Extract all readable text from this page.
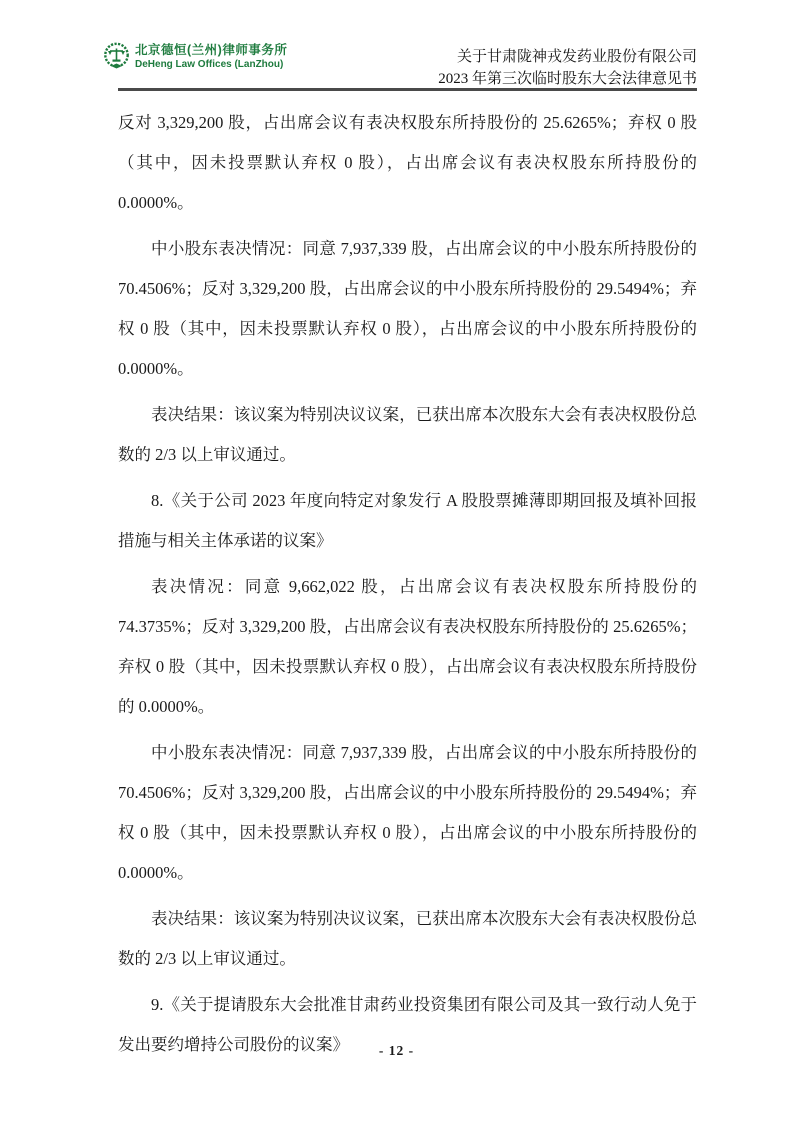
北京德恒(兰州)律师事务所
DeHeng Law Offices (LanZhou)	关于甘肃陇神戎发药业股份有限公司
2023 年第三次临时股东大会法律意见书

反对 3,329,200 股，占出席会议有表决权股东所持股份的 25.6265%；弃权 0 股（其中，因未投票默认弃权 0 股），占出席会议有表决权股东所持股份的 0.0000%。

中小股东表决情况：同意 7,937,339 股，占出席会议的中小股东所持股份的 70.4506%；反对 3,329,200 股，占出席会议的中小股东所持股份的 29.5494%；弃权 0 股（其中，因未投票默认弃权 0 股），占出席会议的中小股东所持股份的 0.0000%。

表决结果：该议案为特别决议议案，已获出席本次股东大会有表决权股份总数的 2/3 以上审议通过。

8.《关于公司 2023 年度向特定对象发行 A 股股票摊薄即期回报及填补回报措施与相关主体承诺的议案》

表决情况：同意 9,662,022 股，占出席会议有表决权股东所持股份的 74.3735%；反对 3,329,200 股，占出席会议有表决权股东所持股份的 25.6265%；弃权 0 股（其中，因未投票默认弃权 0 股），占出席会议有表决权股东所持股份的 0.0000%。

中小股东表决情况：同意 7,937,339 股，占出席会议的中小股东所持股份的 70.4506%；反对 3,329,200 股，占出席会议的中小股东所持股份的 29.5494%；弃权 0 股（其中，因未投票默认弃权 0 股），占出席会议的中小股东所持股份的 0.0000%。

表决结果：该议案为特别决议议案，已获出席本次股东大会有表决权股份总数的 2/3 以上审议通过。

9.《关于提请股东大会批准甘肃药业投资集团有限公司及其一致行动人免于发出要约增持公司股份的议案》	- 12 -
